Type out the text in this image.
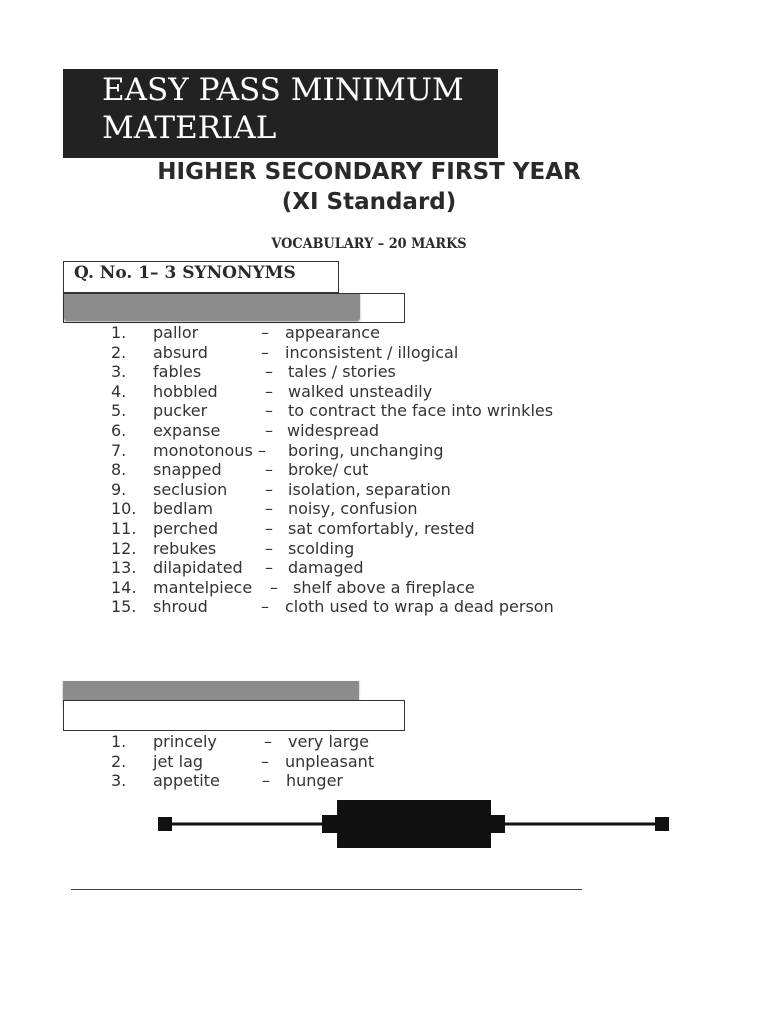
EASY PASS MINIMUM
MATERIAL
HIGHER SECONDARY FIRST YEAR
(XI Standard)
VOCABULARY – 20 MARKS
Q. No. 1– 3 SYNONYMS
1. pallor	– appearance
2. absurd	– inconsistent / illogical
3. fables	– tales / stories
4. hobbled	– walked unsteadily
5. pucker	– to contract the face into wrinkles
6. expanse	– widespread
7. monotonous – boring, unchanging
8. snapped	– broke/ cut
9. seclusion – isolation, separation
10. bedlam	– noisy, confusion
11. perched	– sat comfortably, rested
12. rebukes	– scolding
13. dilapidated – damaged
14. mantelpiece – shelf above a fireplace
15. shroud	– cloth used to wrap a dead person
1. princely	– very large
2. jet lag	– unpleasant
3. appetite	– hunger
